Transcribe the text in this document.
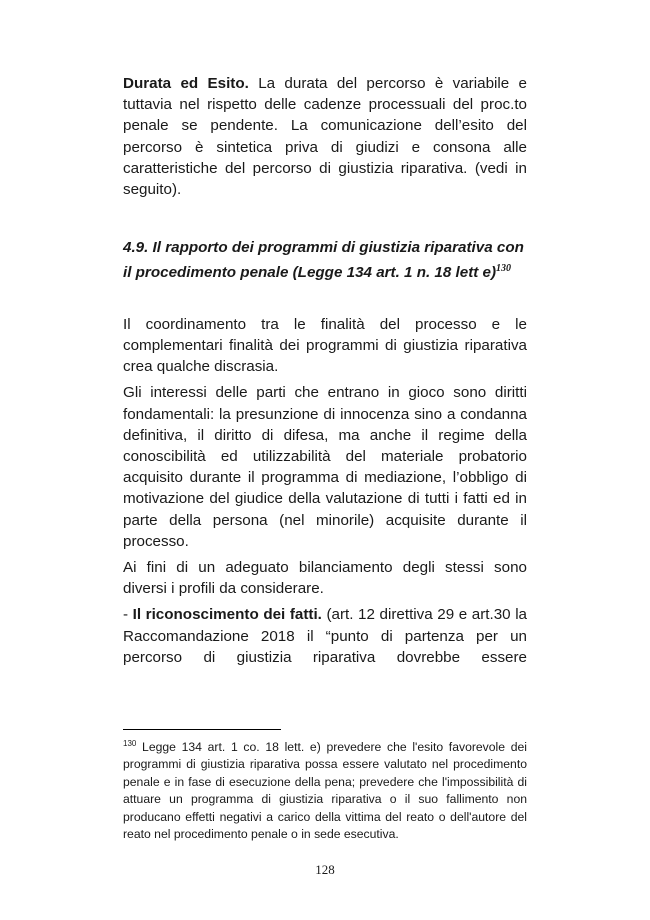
Durata ed Esito. La durata del percorso è variabile e tuttavia nel rispetto delle cadenze processuali del proc.to penale se pendente. La comunicazione dell’esito del percorso è sintetica priva di giudizi e consona alle caratteristiche del percorso di giustizia riparativa. (vedi in seguito).

4.9. Il rapporto dei programmi di giustizia riparativa con il procedimento penale (Legge 134 art. 1 n. 18 lett e)$^{130}$

Il coordinamento tra le finalità del processo e le complementari finalità dei programmi di giustizia riparativa crea qualche discrasia.

Gli interessi delle parti che entrano in gioco sono diritti fondamentali: la presunzione di innocenza sino a condanna definitiva, il diritto di difesa, ma anche il regime della conoscibilità ed utilizzabilità del materiale probatorio acquisito durante il programma di mediazione, l’obbligo di motivazione del giudice della valutazione di tutti i fatti ed in parte della persona (nel minorile) acquisite durante il processo.

Ai fini di un adeguato bilanciamento degli stessi sono diversi i profili da considerare.

- Il riconoscimento dei fatti. (art. 12 direttiva 29 e art.30 la Raccomandazione 2018 il “punto di partenza per un percorso di giustizia riparativa dovrebbe essere

$^{130}$ Legge 134 art. 1 co. 18 lett. e) prevedere che l'esito favorevole dei programmi di giustizia riparativa possa essere valutato nel procedimento penale e in fase di esecuzione della pena; prevedere che l'impossibilità di attuare un programma di giustizia riparativa o il suo fallimento non producano effetti negativi a carico della vittima del reato o dell'autore del reato nel procedimento penale o in sede esecutiva.

128
